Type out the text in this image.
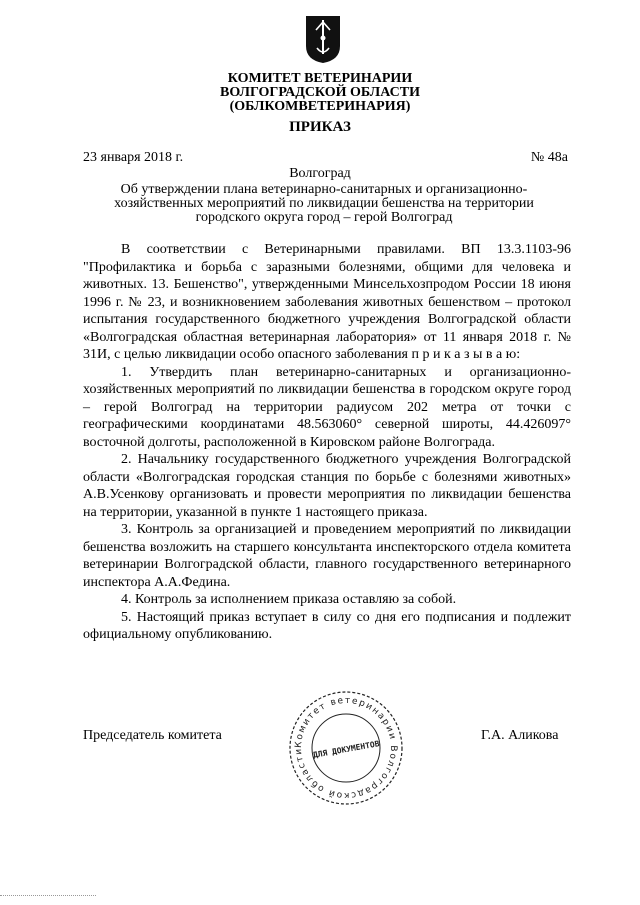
КОМИТЕТ ВЕТЕРИНАРИИ
ВОЛГОГРАДСКОЙ ОБЛАСТИ
(ОБЛКОМВЕТЕРИНАРИЯ)
ПРИКАЗ
23 января 2018 г.	№ 48а
Волгоград
Об утверждении плана ветеринарно-санитарных и организационно-хозяйственных мероприятий по ликвидации бешенства на территории городского округа город – герой Волгоград

В соответствии с Ветеринарными правилами. ВП 13.3.1103-96 "Профилактика и борьба с заразными болезнями, общими для человека и животных. 13. Бешенство", утвержденными Минсельхозпродом России 18 июня 1996 г. № 23, и возникновением заболевания животных бешенством – протокол испытания государственного бюджетного учреждения Волгоградской области «Волгоградская областная ветеринарная лаборатория» от 11 января 2018 г. № 31И, с целью ликвидации особо опасного заболевания п р и к а з ы в а ю:

1. Утвердить план ветеринарно-санитарных и организационно-хозяйственных мероприятий по ликвидации бешенства в городском округе город – герой Волгоград на территории радиусом 202 метра от точки с географическими координатами 48.563060° северной широты, 44.426097° восточной долготы, расположенной в Кировском районе Волгограда.

2. Начальнику государственного бюджетного учреждения Волгоградской области «Волгоградская городская станция по борьбе с болезнями животных» А.В.Усенкову организовать и провести мероприятия по ликвидации бешенства на территории, указанной в пункте 1 настоящего приказа.

3. Контроль за организацией и проведением мероприятий по ликвидации бешенства возложить на старшего консультанта инспекторского отдела комитета ветеринарии Волгоградской области, главного государственного ветеринарного инспектора А.А.Федина.

4. Контроль за исполнением приказа оставляю за собой.

5. Настоящий приказ вступает в силу со дня его подписания и подлежит официальному опубликованию.

Председатель комитета	Г.А. Аликова
Комитет ветеринарии Волгоградской области ДЛЯ ДОКУМЕНТОВ
